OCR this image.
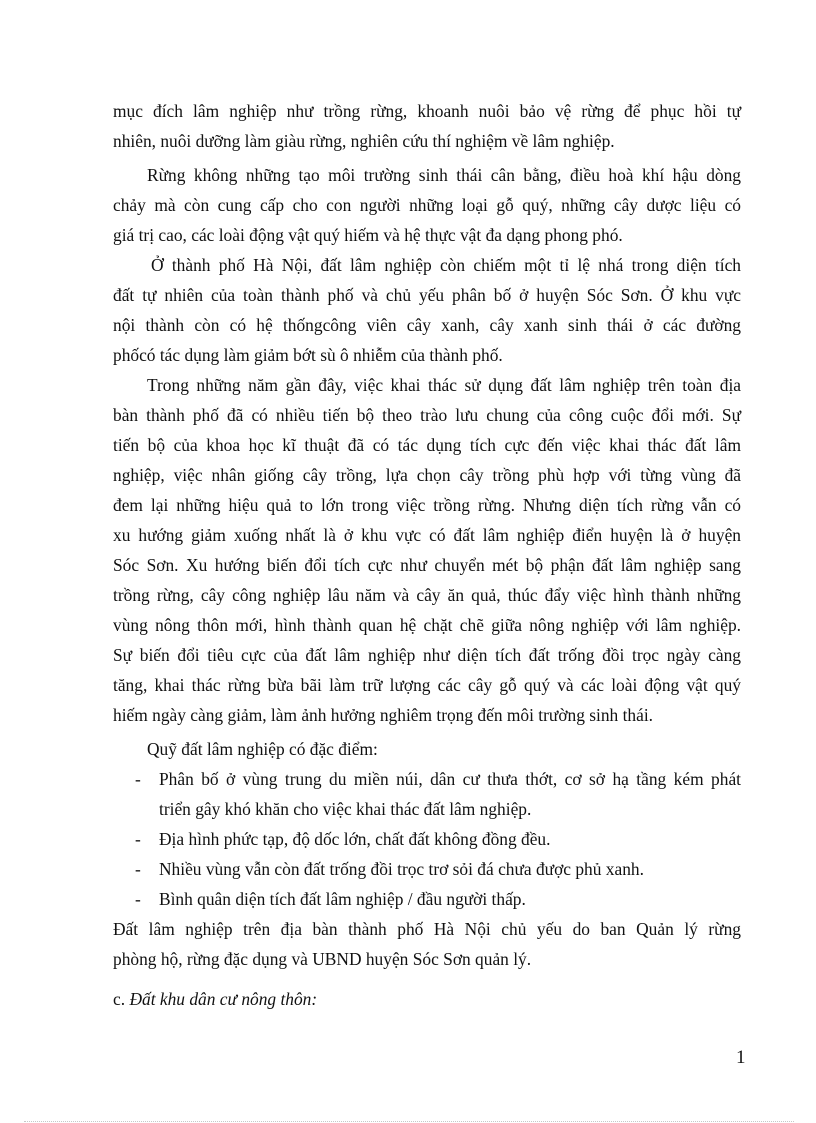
mục đích lâm nghiệp như trồng rừng, khoanh nuôi bảo vệ rừng để phục hồi tự

nhiên, nuôi dưỡng làm giàu rừng, nghiên cứu thí nghiệm về lâm nghiệp.

Rừng không những tạo môi trường sinh thái cân bằng, điều hoà khí hậu dòng

chảy mà còn cung cấp cho con người những loại gỗ quý, những cây dược liệu có

giá trị cao, các loài động vật quý hiếm và hệ thực vật đa dạng phong phó.

Ở thành phố Hà Nội, đất lâm nghiệp còn chiếm một tỉ lệ nhá trong diện tích

đất tự nhiên của toàn thành phố và chủ yếu phân bố ở huyện Sóc Sơn. Ở khu vực

nội thành còn có hệ thốngcông viên cây xanh, cây xanh sinh thái ở các đường

phốcó tác dụng làm giảm bớt sù ô nhiễm của thành phố.

Trong những năm gần đây, việc khai thác sử dụng đất lâm nghiệp trên toàn địa

bàn thành phố đã có nhiều tiến bộ theo trào lưu chung của công cuộc đổi mới. Sự

tiến bộ của khoa học kĩ thuật đã có tác dụng tích cực đến việc khai thác đất lâm

nghiệp, việc nhân giống cây trồng, lựa chọn cây trồng phù hợp với từng vùng đã

đem lại những hiệu quả to lớn trong việc trồng rừng. Nhưng diện tích rừng vẫn có

xu hướng giảm xuống nhất là ở khu vực có đất lâm nghiệp điển huyện là ở huyện

Sóc Sơn. Xu hướng biến đổi tích cực như chuyển mét bộ phận đất lâm nghiệp sang

trồng rừng, cây công nghiệp lâu năm và cây ăn quả, thúc đẩy việc hình thành những

vùng nông thôn mới, hình thành quan hệ chặt chẽ giữa nông nghiệp với lâm nghiệp.

Sự biến đổi tiêu cực của đất lâm nghiệp như diện tích đất trống đồi trọc ngày càng

tăng, khai thác rừng bừa bãi làm trữ lượng các cây gỗ quý và các loài động vật quý

hiếm ngày càng giảm, làm ảnh hưởng nghiêm trọng đến môi trường sinh thái.

Quỹ đất lâm nghiệp có đặc điểm:

- Phân bố ở vùng trung du miền núi, dân cư thưa thớt, cơ sở hạ tầng kém phát

triển gây khó khăn cho việc khai thác đất lâm nghiệp.

- Địa hình phức tạp, độ dốc lớn, chất đất không đồng đều.

- Nhiều vùng vẫn còn đất trống đồi trọc trơ sỏi đá chưa được phủ xanh.

- Bình quân diện tích đất lâm nghiệp / đầu người thấp.

Đất lâm nghiệp trên địa bàn thành phố Hà Nội chủ yếu do ban Quản lý rừng

phòng hộ, rừng đặc dụng và UBND huyện Sóc Sơn quản lý.

c. Đất khu dân cư nông thôn:

1
